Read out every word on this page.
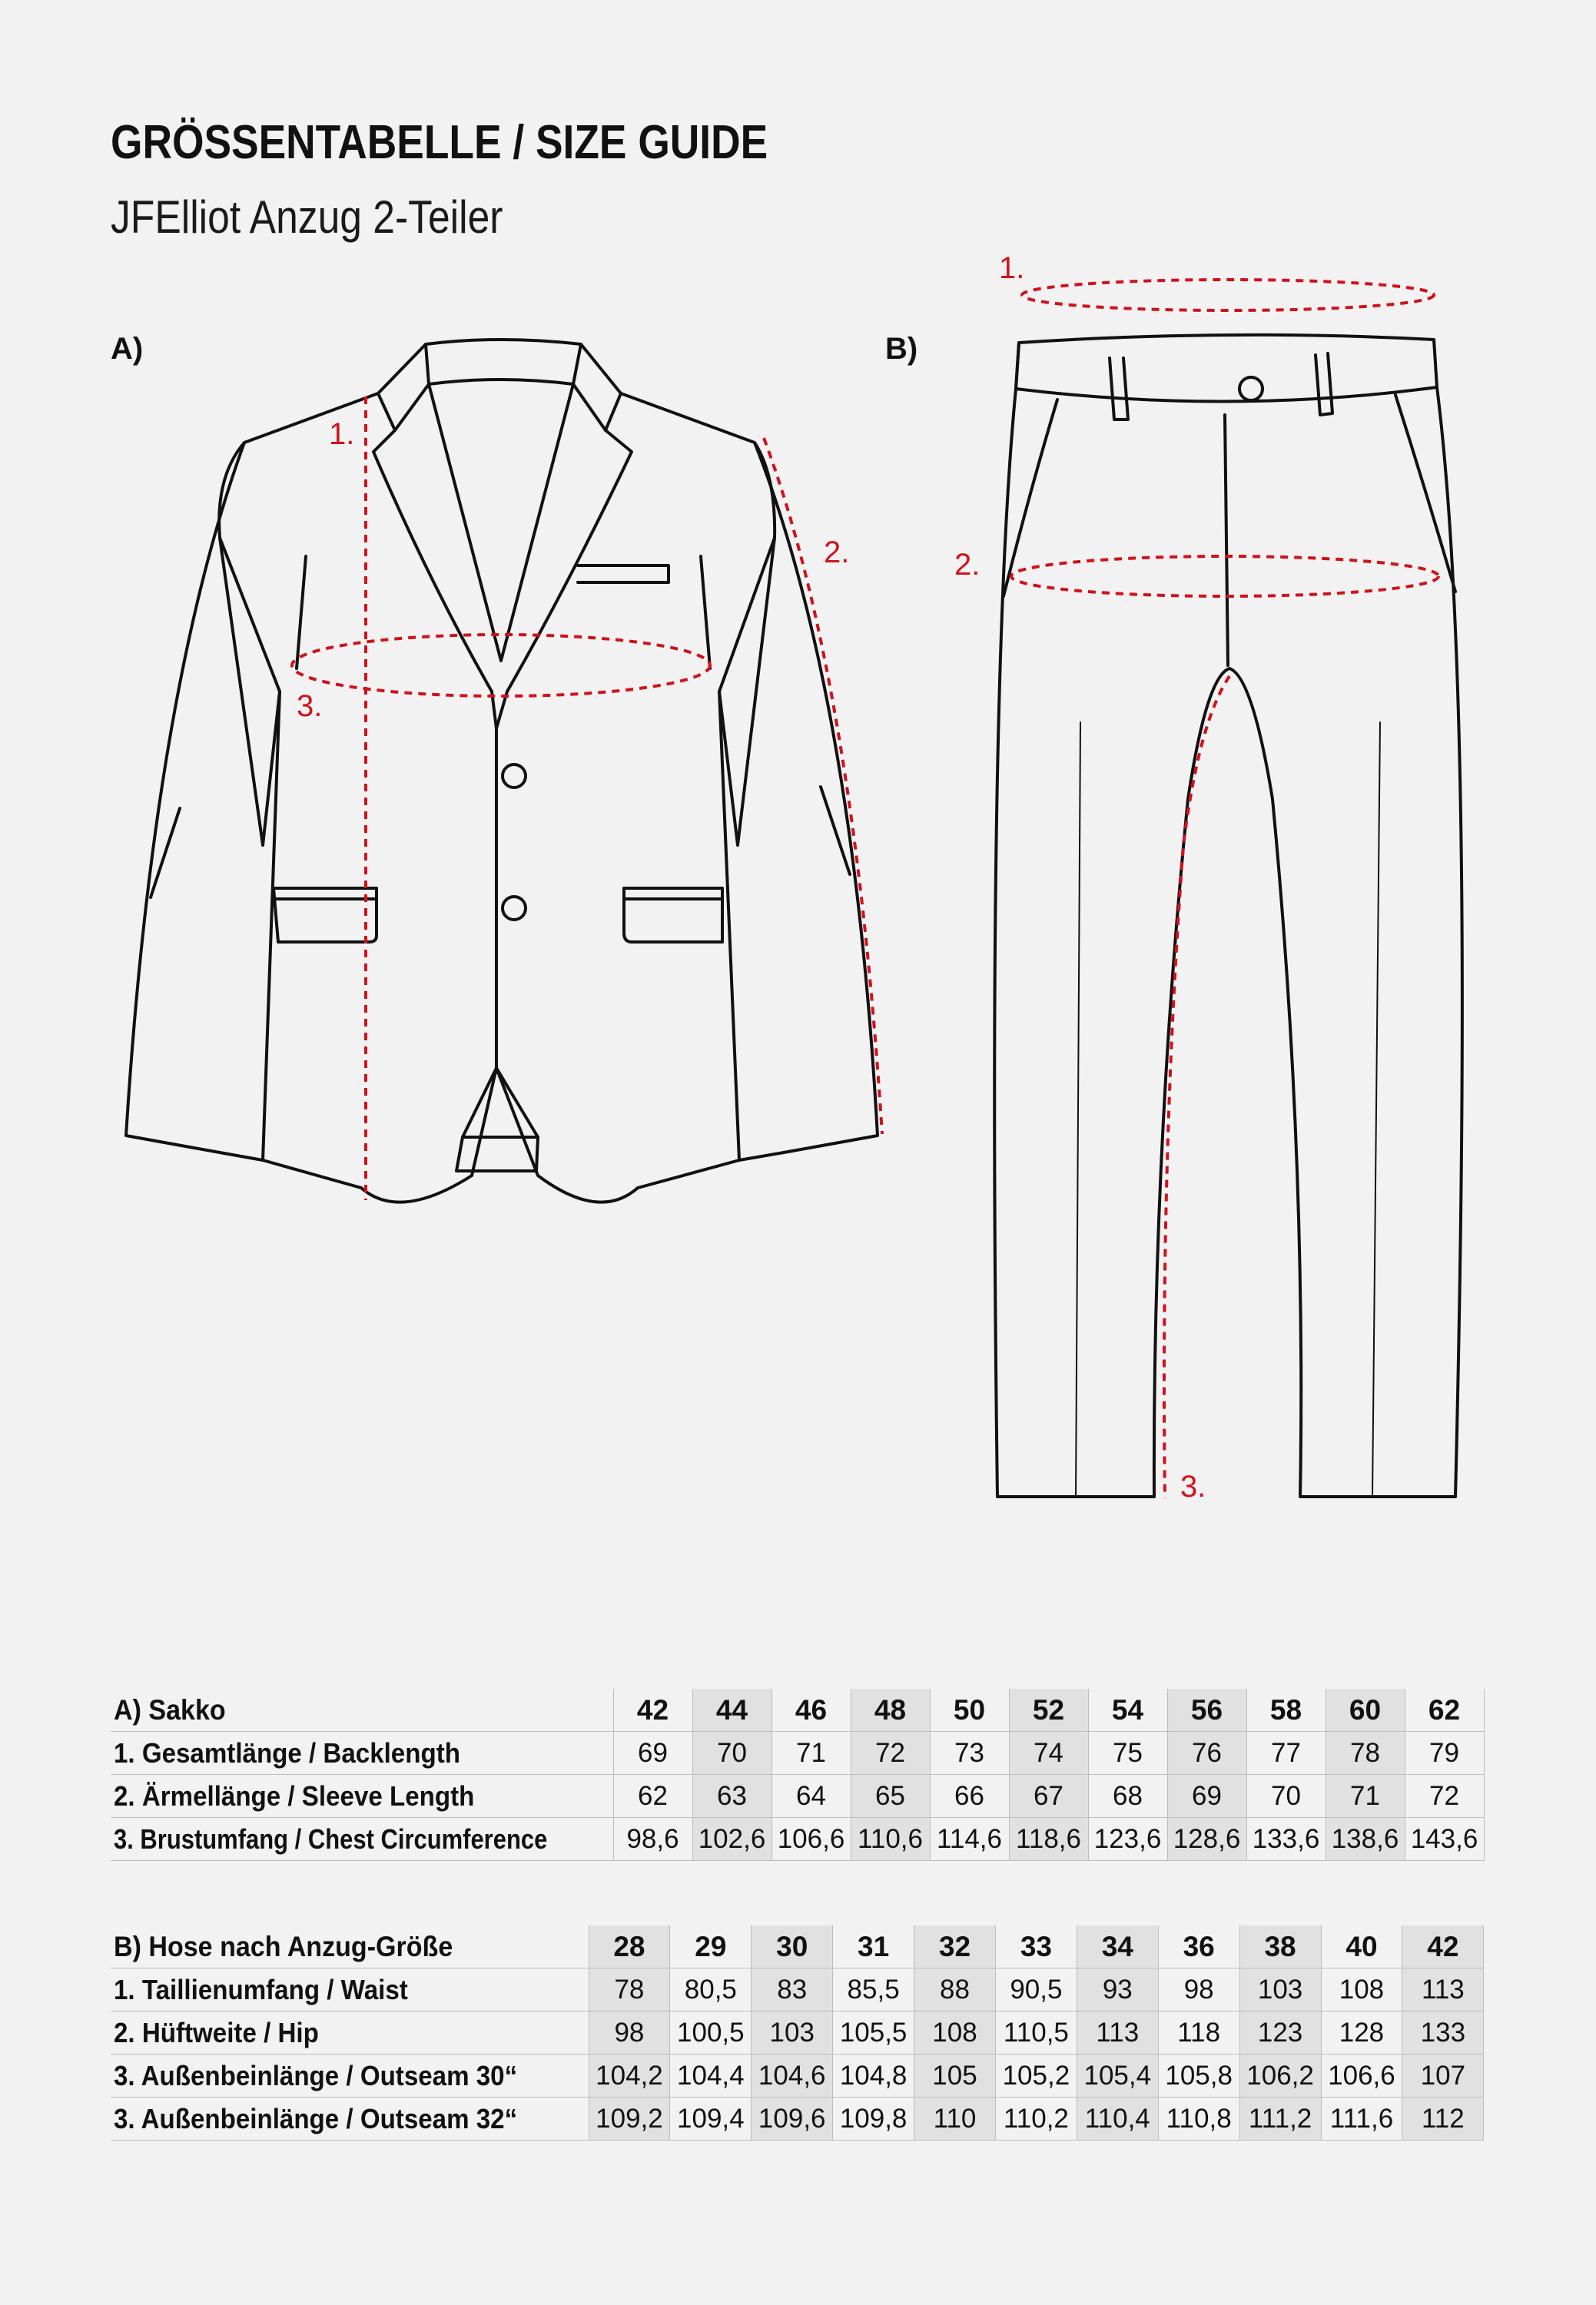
GRÖSSENTABELLE / SIZE GUIDE
JFElliot Anzug 2-Teiler
A)	B)
1.
2.
3.
1.
2.
3.
A) Sakko	42	44	46	48	50	52	54	56	58	60	62
1. Gesamtlänge / Backlength	69	70	71	72	73	74	75	76	77	78	79
2. Ärmellänge / Sleeve Length	62	63	64	65	66	67	68	69	70	71	72
3. Brustumfang / Chest Circumference	98,6	102,6	106,6	110,6	114,6	118,6	123,6	128,6	133,6	138,6	143,6
B) Hose nach Anzug-Größe	28	29	30	31	32	33	34	36	38	40	42
1. Taillienumfang / Waist	78	80,5	83	85,5	88	90,5	93	98	103	108	113
2. Hüftweite / Hip	98	100,5	103	105,5	108	110,5	113	118	123	128	133
3. Außenbeinlänge / Outseam 30“	104,2	104,4	104,6	104,8	105	105,2	105,4	105,8	106,2	106,6	107
3. Außenbeinlänge / Outseam 32“	109,2	109,4	109,6	109,8	110	110,2	110,4	110,8	111,2	111,6	112
